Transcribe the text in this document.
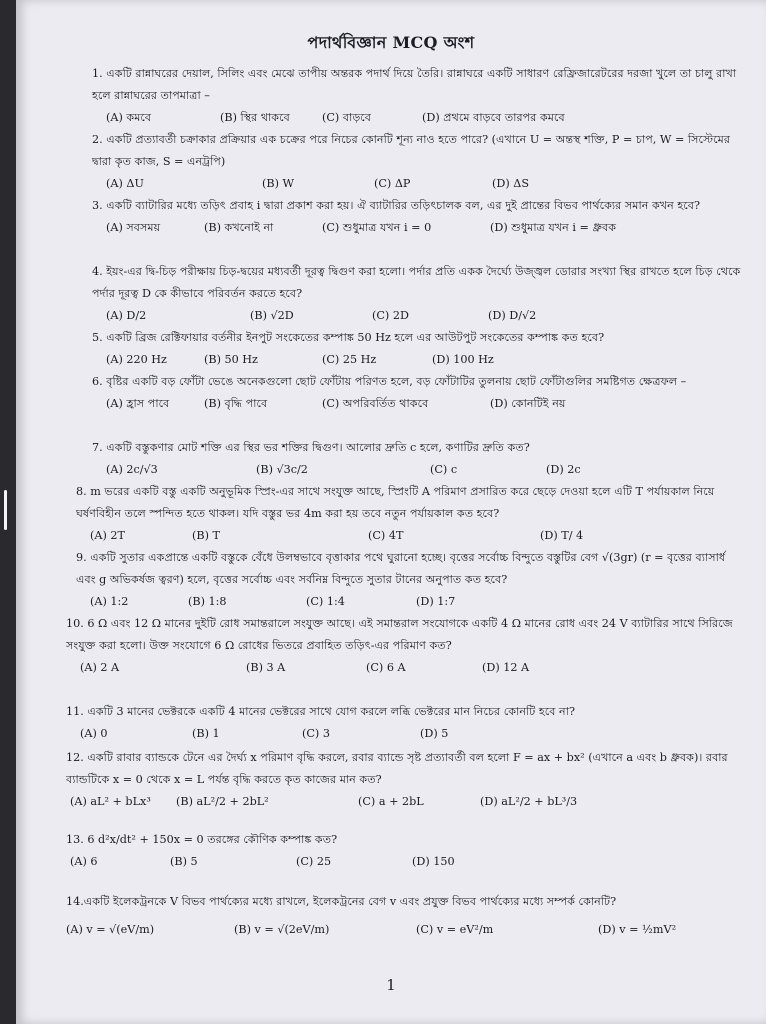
পদার্থবিজ্ঞান MCQ অংশ
1. একটি রান্নাঘরের দেয়াল, সিলিং এবং মেঝে তাপীয় অন্তরক পদার্থ দিয়ে তৈরি। রান্নাঘরে একটি সাধারণ রেফ্রিজারেটরের দরজা খুলে তা চালু রাখা হলে রান্নাঘরের তাপমাত্রা –
(A) কমবে	(B) স্থির থাকবে	(C) বাড়বে	(D) প্রথমে বাড়বে তারপর কমবে
2. একটি প্রত্যাবর্তী চক্রাকার প্রক্রিয়ার এক চক্রের পরে নিচের কোনটি শূন্য নাও হতে পারে? (এখানে U = অন্তস্থ শক্তি, P = চাপ, W = সিস্টেমের দ্বারা কৃত কাজ, S = এনট্রপি)
(A) ΔU	(B) W	(C) ΔP	(D) ΔS
3. একটি ব্যাটারির মধ্যে তড়িৎ প্রবাহ i দ্বারা প্রকাশ করা হয়। ঐ ব্যাটারির তড়িৎচালক বল, এর দুই প্রান্তের বিভব পার্থক্যের সমান কখন হবে?
(A) সবসময়	(B) কখনোই না	(C) শুধুমাত্র যখন i = 0	(D) শুধুমাত্র যখন i = ধ্রুবক
4. ইয়ং-এর দ্বি-চিড় পরীক্ষায় চিড়-দ্বয়ের মধ্যবর্তী দূরত্ব দ্বিগুণ করা হলো। পর্দার প্রতি একক দৈর্ঘ্যে উজ্জ্বল ডোরার সংখ্যা স্থির রাখতে হলে চিড় থেকে পর্দার দূরত্ব D কে কীভাবে পরিবর্তন করতে হবে?
(A) D/2	(B) √2D	(C) 2D	(D) D/√2
5. একটি ব্রিজ রেক্টিফায়ার বর্তনীর ইনপুট সংকেতের কম্পাঙ্ক 50 Hz হলে এর আউটপুট সংকেতের কম্পাঙ্ক কত হবে?
(A) 220 Hz	(B) 50 Hz	(C) 25 Hz	(D) 100 Hz
6. বৃষ্টির একটি বড় ফোঁটা ভেঙে অনেকগুলো ছোট ফোঁটায় পরিণত হলে, বড় ফোঁটাটির তুলনায় ছোট ফোঁটাগুলির সমষ্টিগত ক্ষেত্রফল –
(A) হ্রাস পাবে	(B) বৃদ্ধি পাবে	(C) অপরিবর্তিত থাকবে	(D) কোনটিই নয়
7. একটি বস্তুকণার মোট শক্তি এর স্থির ভর শক্তির দ্বিগুণ। আলোর দ্রুতি c হলে, কণাটির দ্রুতি কত?
(A) 2c/√3	(B) √3c/2	(C) c	(D) 2c
8. m ভরের একটি বস্তু একটি অনুভূমিক স্প্রিং-এর সাথে সংযুক্ত আছে, স্প্রিংটি A পরিমাণ প্রসারিত করে ছেড়ে দেওয়া হলে এটি T পর্যায়কাল নিয়ে ঘর্ষণবিহীন তলে স্পন্দিত হতে থাকল। যদি বস্তুর ভর 4m করা হয় তবে নতুন পর্যায়কাল কত হবে?
(A) 2T	(B) T	(C) 4T	(D) T/ 4
9. একটি সুতার একপ্রান্তে একটি বস্তুকে বেঁধে উলম্বভাবে বৃত্তাকার পথে ঘুরানো হচ্ছে। বৃত্তের সর্বোচ্চ বিন্দুতে বস্তুটির বেগ √(3gr) (r = বৃত্তের ব্যাসার্ধ এবং g অভিকর্ষজ ত্বরণ) হলে, বৃত্তের সর্বোচ্চ এবং সর্বনিম্ন বিন্দুতে সুতার টানের অনুপাত কত হবে?
(A) 1:2	(B) 1:8	(C) 1:4	(D) 1:7
10. 6 Ω এবং 12 Ω মানের দুইটি রোধ সমান্তরালে সংযুক্ত আছে। এই সমান্তরাল সংযোগকে একটি 4 Ω মানের রোধ এবং 24 V ব্যাটারির সাথে সিরিজে সংযুক্ত করা হলো। উক্ত সংযোগে 6 Ω রোধের ভিতরে প্রবাহিত তড়িৎ-এর পরিমাণ কত?
(A) 2 A	(B) 3 A	(C) 6 A	(D) 12 A
11. একটি 3 মানের ভেক্টরকে একটি 4 মানের ভেক্টরের সাথে যোগ করলে লব্ধি ভেক্টরের মান নিচের কোনটি হবে না?
(A) 0	(B) 1	(C) 3	(D) 5
12. একটি রাবার ব্যান্ডকে টেনে এর দৈর্ঘ্য x পরিমাণ বৃদ্ধি করলে, রবার ব্যান্ডে সৃষ্ট প্রত্যাবর্তী বল হলো F = ax + bx² (এখানে a এবং b ধ্রুবক)। রবার ব্যান্ডটিকে x = 0 থেকে x = L পর্যন্ত বৃদ্ধি করতে কৃত কাজের মান কত?
(A) aL² + bLx³ (B) aL²/2 + 2bL²	(C) a + 2bL	(D) aL²/2 + bL³/3
13. 6 d²x/dt² + 150x = 0 তরঙ্গের কৌণিক কম্পাঙ্ক কত?
(A) 6	(B) 5	(C) 25	(D) 150
14.একটি ইলেকট্রনকে V বিভব পার্থক্যের মধ্যে রাখলে, ইলেকট্রনের বেগ v এবং প্রযুক্ত বিভব পার্থক্যের মধ্যে সম্পর্ক কোনটি?
(A) v = √(eV/m)	(B) v = √(2eV/m)	(C) v = eV²/m	(D) v = ½mV²
1
